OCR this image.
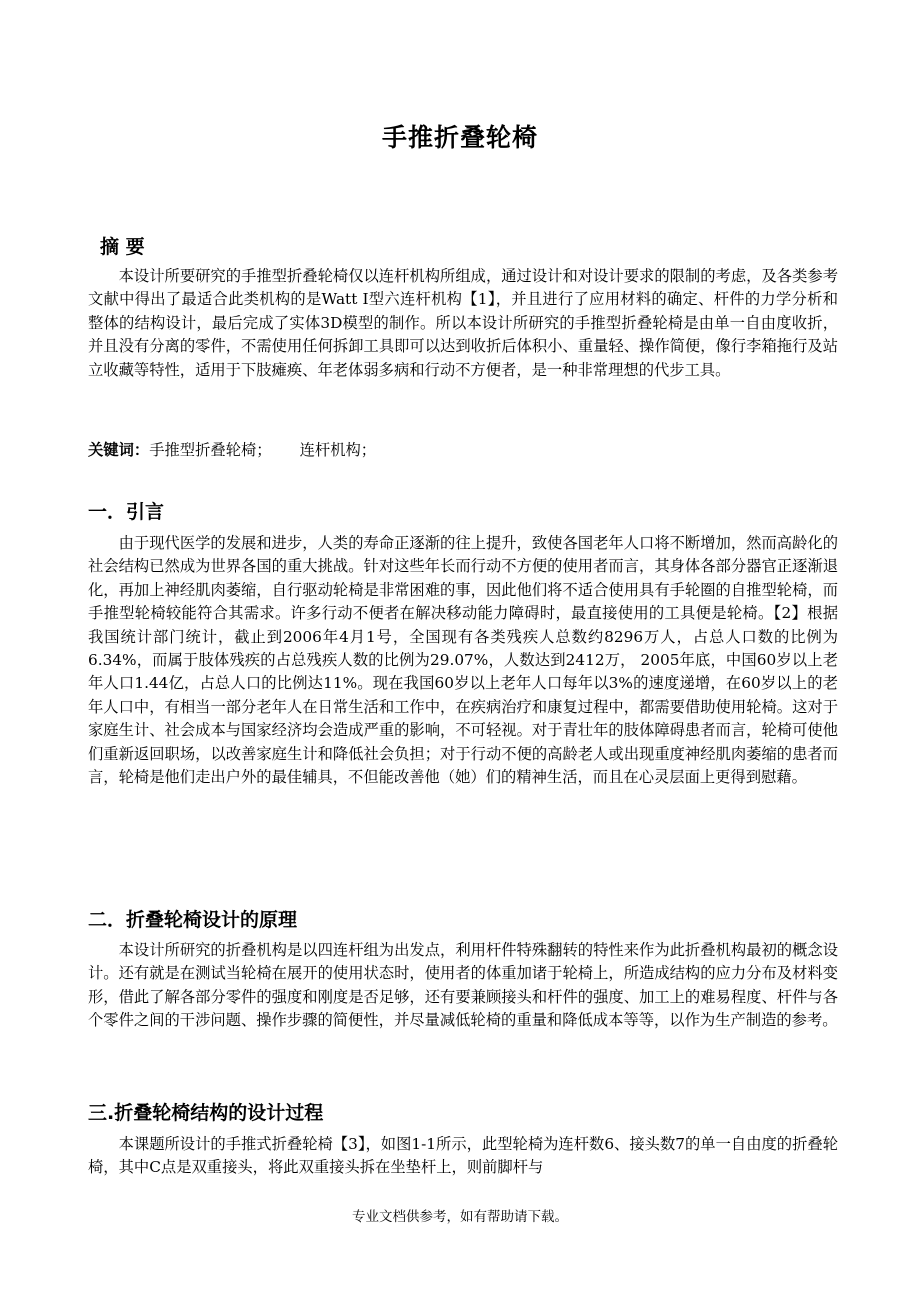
手推折叠轮椅
摘 要

本设计所要研究的手推型折叠轮椅仅以连杆机构所组成，通过设计和对设计要求的限制的考虑，及各类参考文献中得出了最适合此类机构的是Watt Ⅰ型六连杆机构【1】，并且进行了应用材料的确定、杆件的力学分析和整体的结构设计，最后完成了实体3D模型的制作。所以本设计所研究的手推型折叠轮椅是由单一自由度收折，并且没有分离的零件，不需使用任何拆卸工具即可以达到收折后体积小、重量轻、操作简便，像行李箱拖行及站立收藏等特性，适用于下肢瘫痪、年老体弱多病和行动不方便者，是一种非常理想的代步工具。

关键词：手推型折叠轮椅； 连杆机构；
一．引言

由于现代医学的发展和进步，人类的寿命正逐渐的往上提升，致使各国老年人口将不断增加，然而高龄化的社会结构已然成为世界各国的重大挑战。针对这些年长而行动不方便的使用者而言，其身体各部分器官正逐渐退化，再加上神经肌肉萎缩，自行驱动轮椅是非常困难的事，因此他们将不适合使用具有手轮圈的自推型轮椅，而手推型轮椅较能符合其需求。许多行动不便者在解决移动能力障碍时，最直接使用的工具便是轮椅。【2】根据我国统计部门统计，截止到2006年4月1号，全国现有各类残疾人总数约8296万人，占总人口数的比例为6.34%，而属于肢体残疾的占总残疾人数的比例为29.07%，人数达到2412万， 2005年底，中国60岁以上老年人口1.44亿，占总人口的比例达11%。现在我国60岁以上老年人口每年以3%的速度递增，在60岁以上的老年人口中，有相当一部分老年人在日常生活和工作中，在疾病治疗和康复过程中，都需要借助使用轮椅。这对于家庭生计、社会成本与国家经济均会造成严重的影响，不可轻视。对于青壮年的肢体障碍患者而言，轮椅可使他们重新返回职场，以改善家庭生计和降低社会负担；对于行动不便的高龄老人或出现重度神经肌肉萎缩的患者而言，轮椅是他们走出户外的最佳辅具，不但能改善他（她）们的精神生活，而且在心灵层面上更得到慰藉。

二．折叠轮椅设计的原理

本设计所研究的折叠机构是以四连杆组为出发点，利用杆件特殊翻转的特性来作为此折叠机构最初的概念设计。还有就是在测试当轮椅在展开的使用状态时，使用者的体重加诸于轮椅上，所造成结构的应力分布及材料变形，借此了解各部分零件的强度和刚度是否足够，还有要兼顾接头和杆件的强度、加工上的难易程度、杆件与各个零件之间的干涉问题、操作步骤的简便性，并尽量减低轮椅的重量和降低成本等等，以作为生产制造的参考。

三.折叠轮椅结构的设计过程

本课题所设计的手推式折叠轮椅【3】，如图1-1所示，此型轮椅为连杆数6、接头数7的单一自由度的折叠轮椅，其中C点是双重接头，将此双重接头拆在坐垫杆上，则前脚杆与

专业文档供参考，如有帮助请下载。
